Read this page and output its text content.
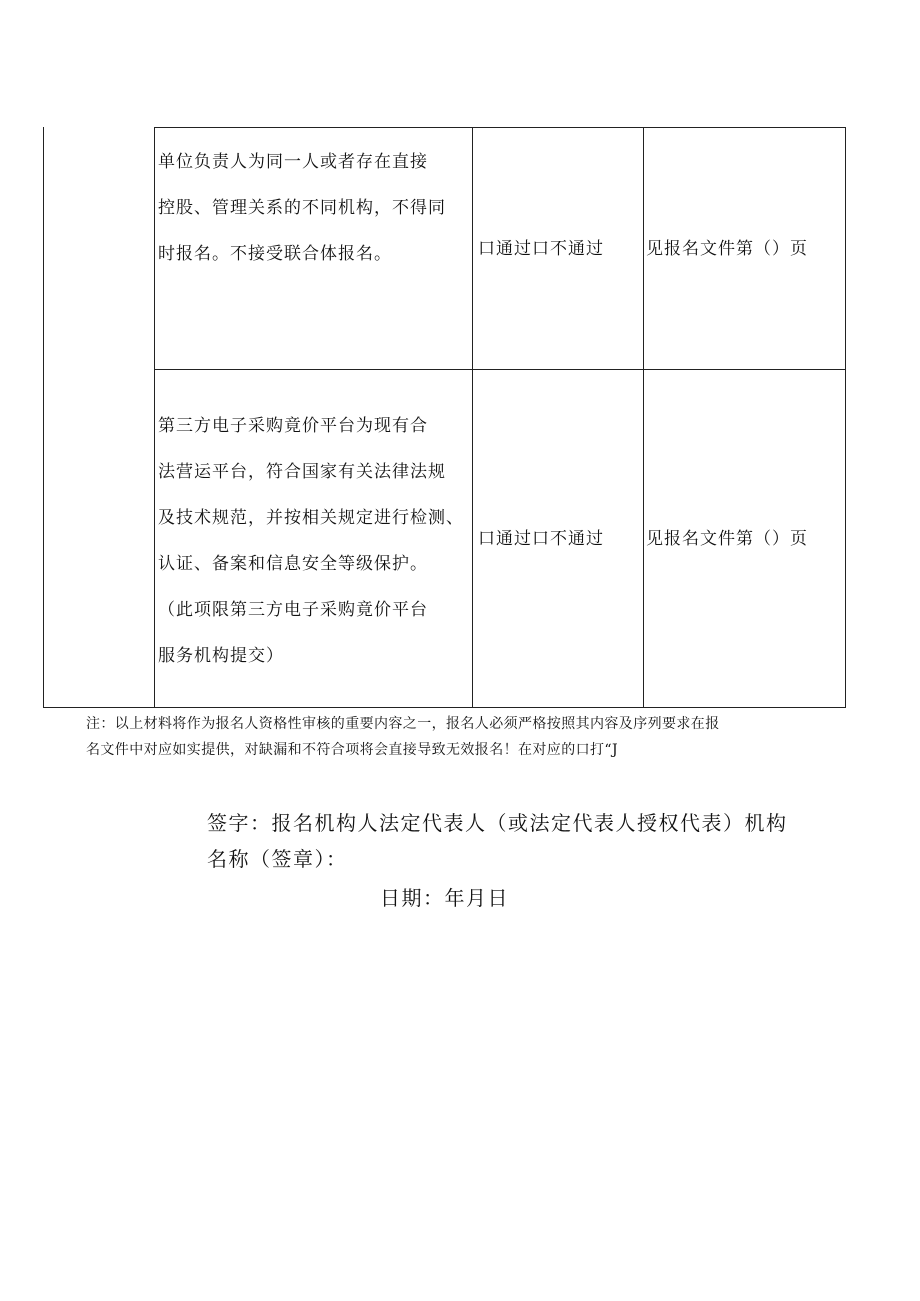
单位负责人为同一人或者存在直接
控股、管理关系的不同机构，不得同
时报名。不接受联合体报名。	口通过口不通过	见报名文件第（）页
第三方电子采购竟价平台为现有合
法营运平台，符合国家有关法律法规
及技术规范，并按相关规定进行检测、
认证、备案和信息安全等级保护。
（此项限第三方电子采购竟价平台
服务机构提交）
口通过口不通过	见报名文件第（）页
注：以上材料将作为报名人资格性审核的重要内容之一，报名人必须严格按照其内容及序列要求在报
名文件中对应如实提供，对缺漏和不符合项将会直接导致无效报名！在对应的口打“J
签字：报名机构人法定代表人（或法定代表人授权代表）机构
名称（签章）：
日期：年月日
